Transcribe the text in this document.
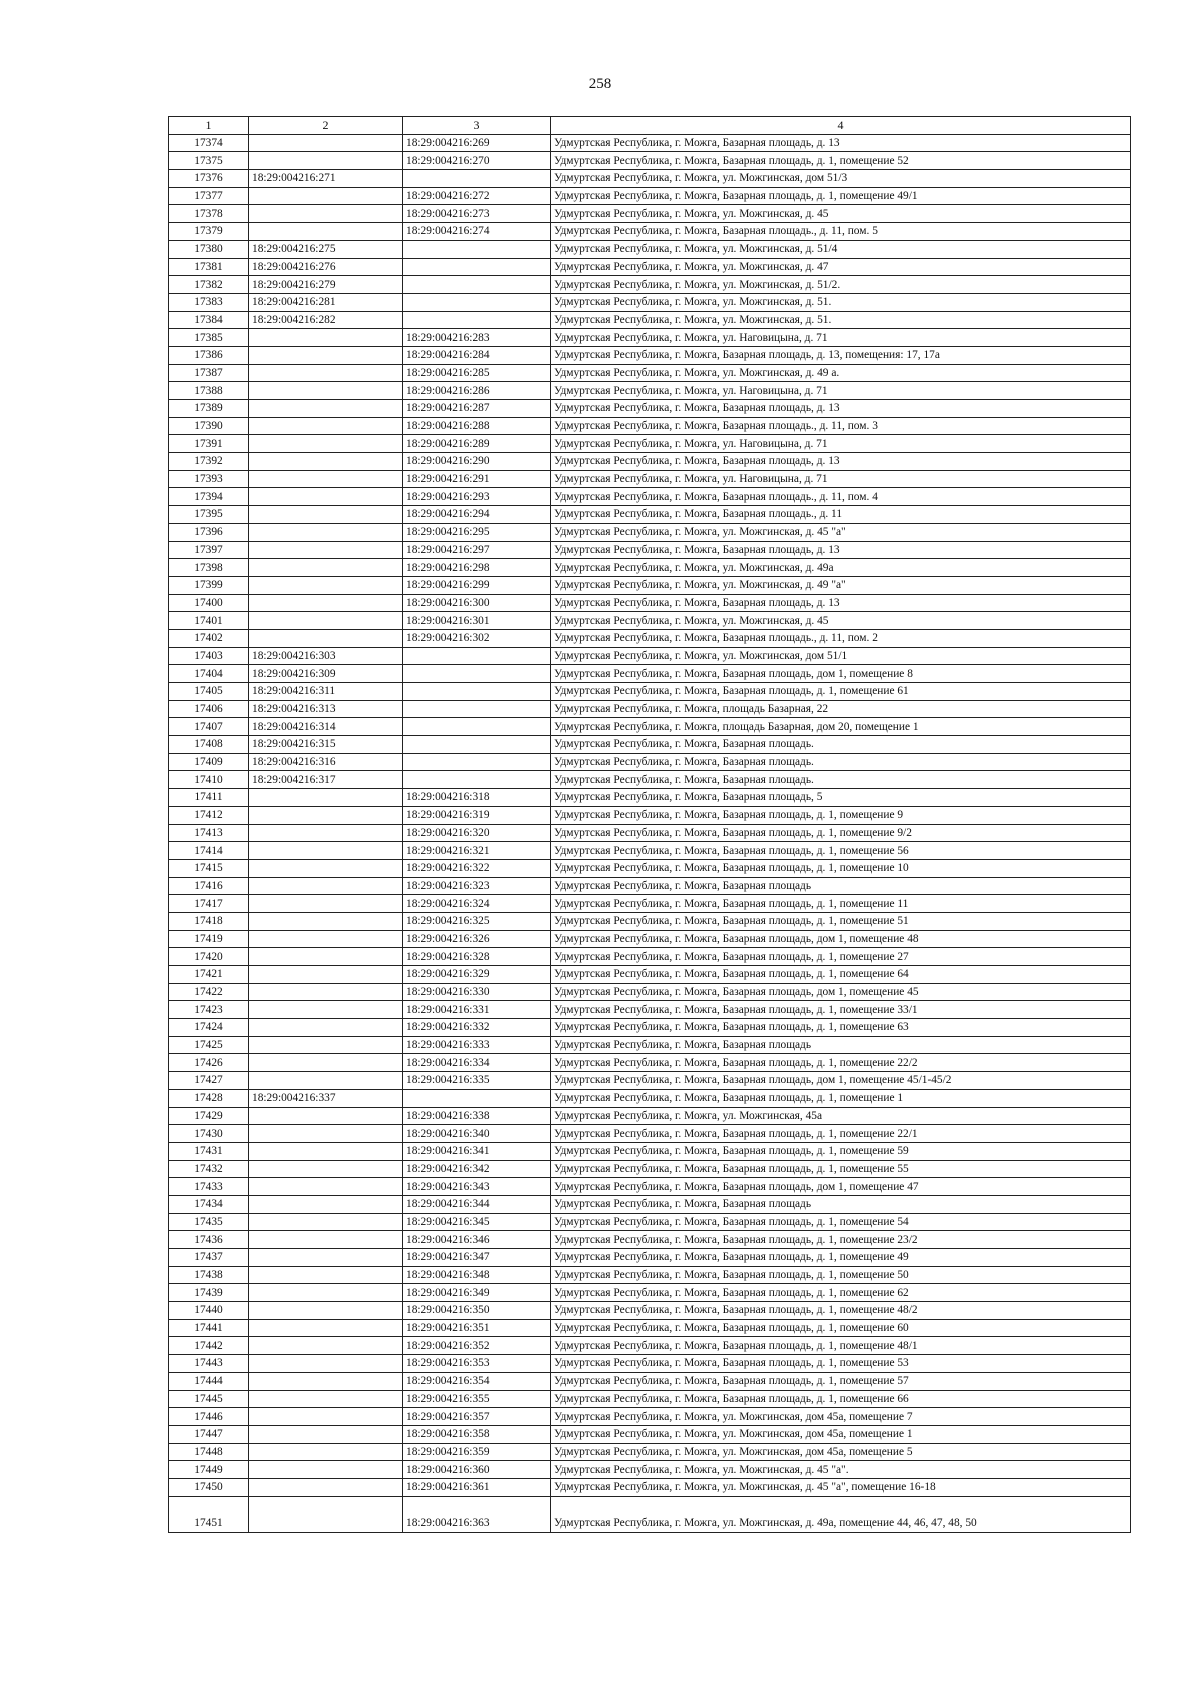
258
1	2	3	4
17374		18:29:004216:269	Удмуртская Республика, г. Можга, Базарная площадь, д. 13
17375		18:29:004216:270	Удмуртская Республика, г. Можга, Базарная площадь, д. 1, помещение 52
17376	18:29:004216:271		Удмуртская Республика, г. Можга, ул. Можгинская, дом 51/3
17377		18:29:004216:272	Удмуртская Республика, г. Можга, Базарная площадь, д. 1, помещение 49/1
17378		18:29:004216:273	Удмуртская Республика, г. Можга, ул. Можгинская, д. 45
17379		18:29:004216:274	Удмуртская Республика, г. Можга, Базарная площадь., д. 11, пом. 5
17380	18:29:004216:275		Удмуртская Республика, г. Можга, ул. Можгинская, д. 51/4
17381	18:29:004216:276		Удмуртская Республика, г. Можга, ул. Можгинская, д. 47
17382	18:29:004216:279		Удмуртская Республика, г. Можга, ул. Можгинская, д. 51/2.
17383	18:29:004216:281		Удмуртская Республика, г. Можга, ул. Можгинская, д. 51.
17384	18:29:004216:282		Удмуртская Республика, г. Можга, ул. Можгинская, д. 51.
17385		18:29:004216:283	Удмуртская Республика, г. Можга, ул. Наговицына, д. 71
17386		18:29:004216:284	Удмуртская Республика, г. Можга, Базарная площадь, д. 13, помещения: 17, 17а
17387		18:29:004216:285	Удмуртская Республика, г. Можга, ул. Можгинская, д. 49 а.
17388		18:29:004216:286	Удмуртская Республика, г. Можга, ул. Наговицына, д. 71
17389		18:29:004216:287	Удмуртская Республика, г. Можга, Базарная площадь, д. 13
17390		18:29:004216:288	Удмуртская Республика, г. Можга, Базарная площадь., д. 11, пом. 3
17391		18:29:004216:289	Удмуртская Республика, г. Можга, ул. Наговицына, д. 71
17392		18:29:004216:290	Удмуртская Республика, г. Можга, Базарная площадь, д. 13
17393		18:29:004216:291	Удмуртская Республика, г. Можга, ул. Наговицына, д. 71
17394		18:29:004216:293	Удмуртская Республика, г. Можга, Базарная площадь., д. 11, пом. 4
17395		18:29:004216:294	Удмуртская Республика, г. Можга, Базарная площадь., д. 11
17396		18:29:004216:295	Удмуртская Республика, г. Можга, ул. Можгинская, д. 45 "а"
17397		18:29:004216:297	Удмуртская Республика, г. Можга, Базарная площадь, д. 13
17398		18:29:004216:298	Удмуртская Республика, г. Можга, ул. Можгинская, д. 49а
17399		18:29:004216:299	Удмуртская Республика, г. Можга, ул. Можгинская, д. 49 "а"
17400		18:29:004216:300	Удмуртская Республика, г. Можга, Базарная площадь, д. 13
17401		18:29:004216:301	Удмуртская Республика, г. Можга, ул. Можгинская, д. 45
17402		18:29:004216:302	Удмуртская Республика, г. Можга, Базарная площадь., д. 11, пом. 2
17403	18:29:004216:303		Удмуртская Республика, г. Можга, ул. Можгинская, дом 51/1
17404	18:29:004216:309		Удмуртская Республика, г. Можга, Базарная площадь, дом 1, помещение 8
17405	18:29:004216:311		Удмуртская Республика, г. Можга, Базарная площадь, д. 1, помещение 61
17406	18:29:004216:313		Удмуртская Республика, г. Можга, площадь Базарная, 22
17407	18:29:004216:314		Удмуртская Республика, г. Можга, площадь Базарная, дом 20, помещение 1
17408	18:29:004216:315		Удмуртская Республика, г. Можга, Базарная площадь.
17409	18:29:004216:316		Удмуртская Республика, г. Можга, Базарная площадь.
17410	18:29:004216:317		Удмуртская Республика, г. Можга, Базарная площадь.
17411		18:29:004216:318	Удмуртская Республика, г. Можга, Базарная площадь, 5
17412		18:29:004216:319	Удмуртская Республика, г. Можга, Базарная площадь, д. 1, помещение 9
17413		18:29:004216:320	Удмуртская Республика, г. Можга, Базарная площадь, д. 1, помещение 9/2
17414		18:29:004216:321	Удмуртская Республика, г. Можга, Базарная площадь, д. 1, помещение 56
17415		18:29:004216:322	Удмуртская Республика, г. Можга, Базарная площадь, д. 1, помещение 10
17416		18:29:004216:323	Удмуртская Республика, г. Можга, Базарная площадь
17417		18:29:004216:324	Удмуртская Республика, г. Можга, Базарная площадь, д. 1, помещение 11
17418		18:29:004216:325	Удмуртская Республика, г. Можга, Базарная площадь, д. 1, помещение 51
17419		18:29:004216:326	Удмуртская Республика, г. Можга, Базарная площадь, дом 1, помещение 48
17420		18:29:004216:328	Удмуртская Республика, г. Можга, Базарная площадь, д. 1, помещение 27
17421		18:29:004216:329	Удмуртская Республика, г. Можга, Базарная площадь, д. 1, помещение 64
17422		18:29:004216:330	Удмуртская Республика, г. Можга, Базарная площадь, дом 1, помещение 45
17423		18:29:004216:331	Удмуртская Республика, г. Можга, Базарная площадь, д. 1, помещение 33/1
17424		18:29:004216:332	Удмуртская Республика, г. Можга, Базарная площадь, д. 1, помещение 63
17425		18:29:004216:333	Удмуртская Республика, г. Можга, Базарная площадь
17426		18:29:004216:334	Удмуртская Республика, г. Можга, Базарная площадь, д. 1, помещение 22/2
17427		18:29:004216:335	Удмуртская Республика, г. Можга, Базарная площадь, дом 1, помещение 45/1-45/2
17428	18:29:004216:337		Удмуртская Республика, г. Можга, Базарная площадь, д. 1, помещение 1
17429		18:29:004216:338	Удмуртская Республика, г. Можга, ул. Можгинская, 45а
17430		18:29:004216:340	Удмуртская Республика, г. Можга, Базарная площадь, д. 1, помещение 22/1
17431		18:29:004216:341	Удмуртская Республика, г. Можга, Базарная площадь, д. 1, помещение 59
17432		18:29:004216:342	Удмуртская Республика, г. Можга, Базарная площадь, д. 1, помещение 55
17433		18:29:004216:343	Удмуртская Республика, г. Можга, Базарная площадь, дом 1, помещение 47
17434		18:29:004216:344	Удмуртская Республика, г. Можга, Базарная площадь
17435		18:29:004216:345	Удмуртская Республика, г. Можга, Базарная площадь, д. 1, помещение 54
17436		18:29:004216:346	Удмуртская Республика, г. Можга, Базарная площадь, д. 1, помещение 23/2
17437		18:29:004216:347	Удмуртская Республика, г. Можга, Базарная площадь, д. 1, помещение 49
17438		18:29:004216:348	Удмуртская Республика, г. Можга, Базарная площадь, д. 1, помещение 50
17439		18:29:004216:349	Удмуртская Республика, г. Можга, Базарная площадь, д. 1, помещение 62
17440		18:29:004216:350	Удмуртская Республика, г. Можга, Базарная площадь, д. 1, помещение 48/2
17441		18:29:004216:351	Удмуртская Республика, г. Можга, Базарная площадь, д. 1, помещение 60
17442		18:29:004216:352	Удмуртская Республика, г. Можга, Базарная площадь, д. 1, помещение 48/1
17443		18:29:004216:353	Удмуртская Республика, г. Можга, Базарная площадь, д. 1, помещение 53
17444		18:29:004216:354	Удмуртская Республика, г. Можга, Базарная площадь, д. 1, помещение 57
17445		18:29:004216:355	Удмуртская Республика, г. Можга, Базарная площадь, д. 1, помещение 66
17446		18:29:004216:357	Удмуртская Республика, г. Можга, ул. Можгинская, дом 45а, помещение 7
17447		18:29:004216:358	Удмуртская Республика, г. Можга, ул. Можгинская, дом 45а, помещение 1
17448		18:29:004216:359	Удмуртская Республика, г. Можга, ул. Можгинская, дом 45а, помещение 5
17449		18:29:004216:360	Удмуртская Республика, г. Можга, ул. Можгинская, д. 45 "а".
17450		18:29:004216:361	Удмуртская Республика, г. Можга, ул. Можгинская, д. 45 "а", помещение 16-18
17451		18:29:004216:363	Удмуртская Республика, г. Можга, ул. Можгинская, д. 49а, помещение 44, 46, 47, 48, 50
